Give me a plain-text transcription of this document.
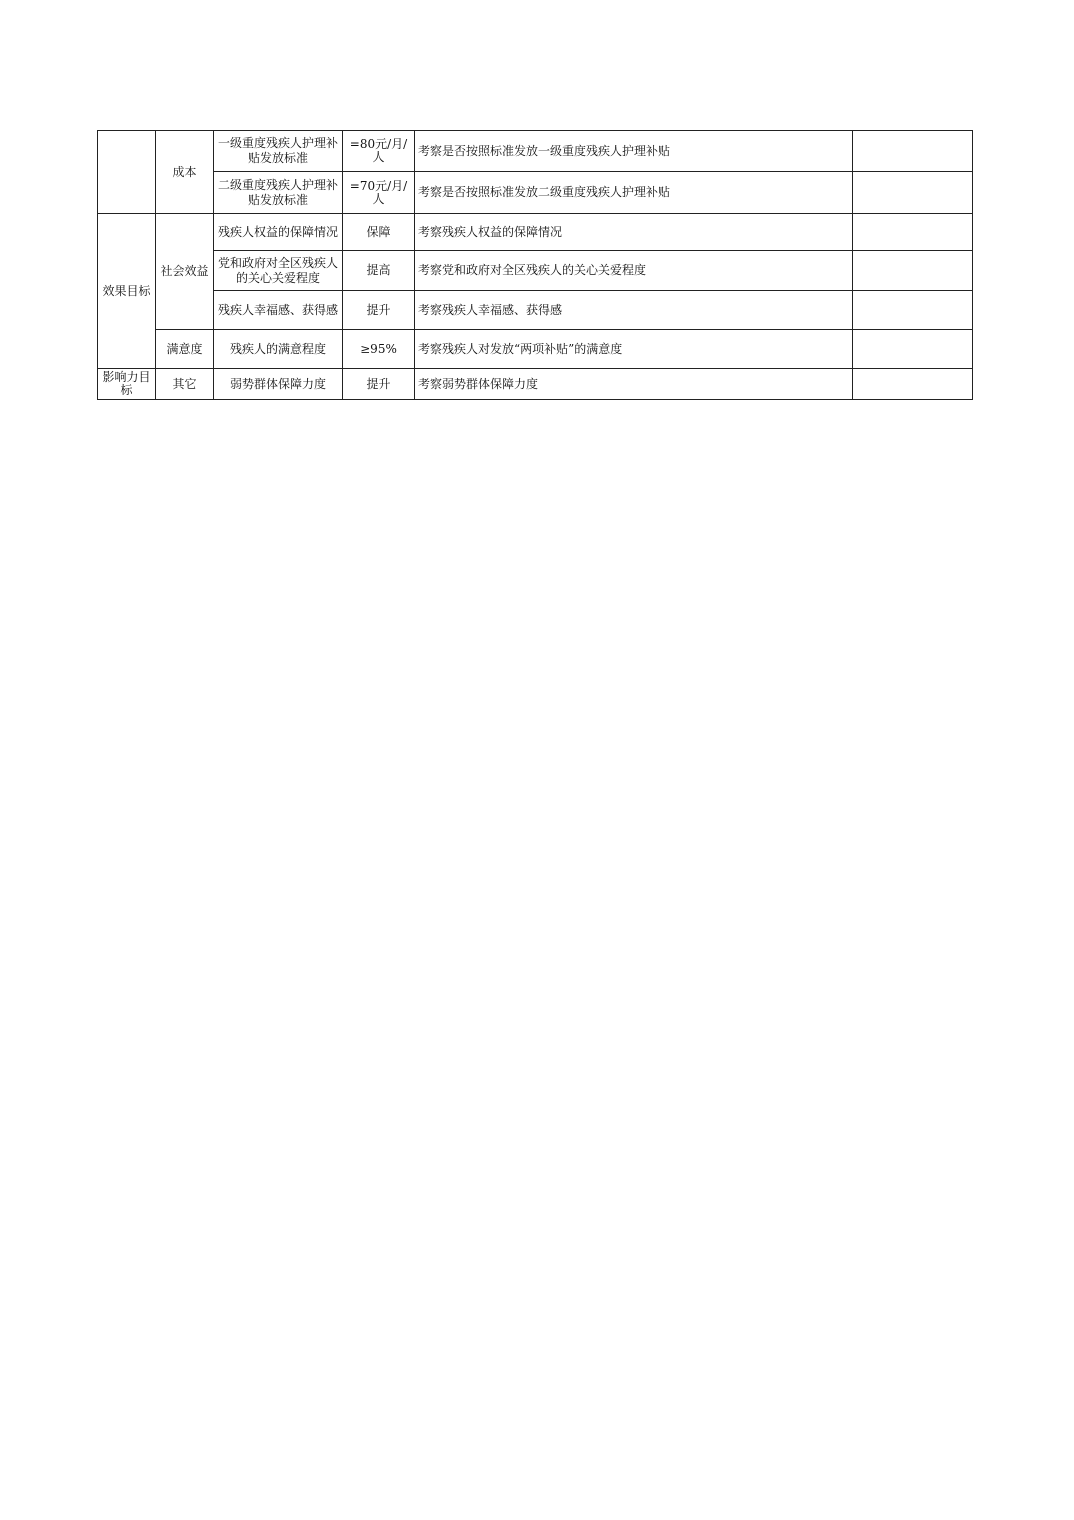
	成本	一级重度残疾人护理补贴发放标准	=80元/月/人	考察是否按照标准发放一级重度残疾人护理补贴	
		二级重度残疾人护理补贴发放标准	=70元/月/人	考察是否按照标准发放二级重度残疾人护理补贴	
效果目标	社会效益	残疾人权益的保障情况	保障	考察残疾人权益的保障情况	
		党和政府对全区残疾人的关心关爱程度	提高	考察党和政府对全区残疾人的关心关爱程度	
		残疾人幸福感、获得感	提升	考察残疾人幸福感、获得感	
	满意度	残疾人的满意程度	≥95%	考察残疾人对发放“两项补贴”的满意度	
影响力目标	其它	弱势群体保障力度	提升	考察弱势群体保障力度	
